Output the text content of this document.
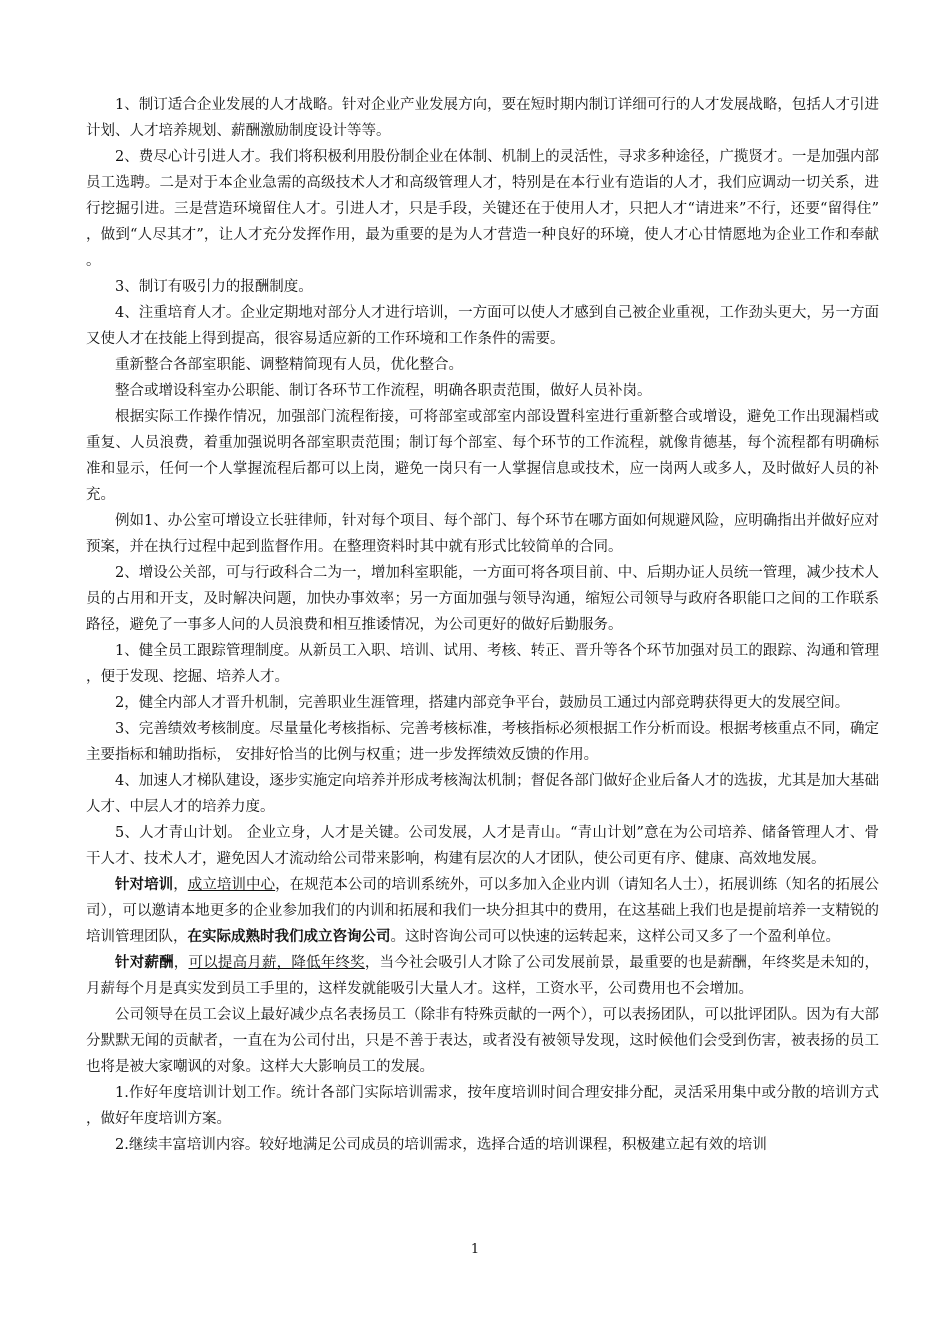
1、制订适合企业发展的人才战略。针对企业产业发展方向，要在短时期内制订详细可行的人才发展战略，包括人才引进计划、人才培养规划、薪酬激励制度设计等等。

2、费尽心计引进人才。我们将积极利用股份制企业在体制、机制上的灵活性，寻求多种途径，广揽贤才。一是加强内部员工选聘。二是对于本企业急需的高级技术人才和高级管理人才，特别是在本行业有造诣的人才，我们应调动一切关系，进行挖掘引进。三是营造环境留住人才。引进人才，只是手段，关键还在于使用人才，只把人才“请进来”不行，还要“留得住”，做到“人尽其才”，让人才充分发挥作用，最为重要的是为人才营造一种良好的环境，使人才心甘情愿地为企业工作和奉献。

3、制订有吸引力的报酬制度。

4、注重培育人才。企业定期地对部分人才进行培训，一方面可以使人才感到自己被企业重视，工作劲头更大，另一方面又使人才在技能上得到提高，很容易适应新的工作环境和工作条件的需要。

重新整合各部室职能、调整精简现有人员，优化整合。

整合或增设科室办公职能、制订各环节工作流程，明确各职责范围，做好人员补岗。

根据实际工作操作情况，加强部门流程衔接，可将部室或部室内部设置科室进行重新整合或增设，避免工作出现漏档或重复、人员浪费，着重加强说明各部室职责范围；制订每个部室、每个环节的工作流程，就像肯德基，每个流程都有明确标准和显示，任何一个人掌握流程后都可以上岗，避免一岗只有一人掌握信息或技术，应一岗两人或多人，及时做好人员的补充。

例如1、办公室可增设立长驻律师，针对每个项目、每个部门、每个环节在哪方面如何规避风险，应明确指出并做好应对预案，并在执行过程中起到监督作用。在整理资料时其中就有形式比较简单的合同。

2、增设公关部，可与行政科合二为一，增加科室职能，一方面可将各项目前、中、后期办证人员统一管理，减少技术人员的占用和开支，及时解决问题，加快办事效率；另一方面加强与领导沟通，缩短公司领导与政府各职能口之间的工作联系路径，避免了一事多人问的人员浪费和相互推诿情况，为公司更好的做好后勤服务。

1、健全员工跟踪管理制度。从新员工入职、培训、试用、考核、转正、晋升等各个环节加强对员工的跟踪、沟通和管理，便于发现、挖掘、培养人才。

2，健全内部人才晋升机制，完善职业生涯管理，搭建内部竞争平台，鼓励员工通过内部竞聘获得更大的发展空间。

3、完善绩效考核制度。尽量量化考核指标、完善考核标准，考核指标必须根据工作分析而设。根据考核重点不同，确定主要指标和辅助指标， 安排好恰当的比例与权重；进一步发挥绩效反馈的作用。

4、加速人才梯队建设，逐步实施定向培养并形成考核淘汰机制；督促各部门做好企业后备人才的选拔，尤其是加大基础人才、中层人才的培养力度。

5、人才青山计划。 企业立身，人才是关键。公司发展，人才是青山。“青山计划”意在为公司培养、储备管理人才、骨干人才、技术人才，避免因人才流动给公司带来影响，构建有层次的人才团队，使公司更有序、健康、高效地发展。

针对培训，成立培训中心，在规范本公司的培训系统外，可以多加入企业内训（请知名人士），拓展训练（知名的拓展公司），可以邀请本地更多的企业参加我们的内训和拓展和我们一块分担其中的费用，在这基础上我们也是提前培养一支精锐的培训管理团队，在实际成熟时我们成立咨询公司。这时咨询公司可以快速的运转起来，这样公司又多了一个盈利单位。

针对薪酬，可以提高月薪，降低年终奖，当今社会吸引人才除了公司发展前景，最重要的也是薪酬，年终奖是未知的，月薪每个月是真实发到员工手里的，这样发就能吸引大量人才。这样，工资水平，公司费用也不会增加。

公司领导在员工会议上最好减少点名表扬员工（除非有特殊贡献的一两个），可以表扬团队，可以批评团队。因为有大部分默默无闻的贡献者，一直在为公司付出，只是不善于表达，或者没有被领导发现，这时候他们会受到伤害，被表扬的员工也将是被大家嘲讽的对象。这样大大影响员工的发展。

1.作好年度培训计划工作。统计各部门实际培训需求，按年度培训时间合理安排分配，灵活采用集中或分散的培训方式，做好年度培训方案。

2.继续丰富培训内容。较好地满足公司成员的培训需求，选择合适的培训课程，积极建立起有效的培训

1
